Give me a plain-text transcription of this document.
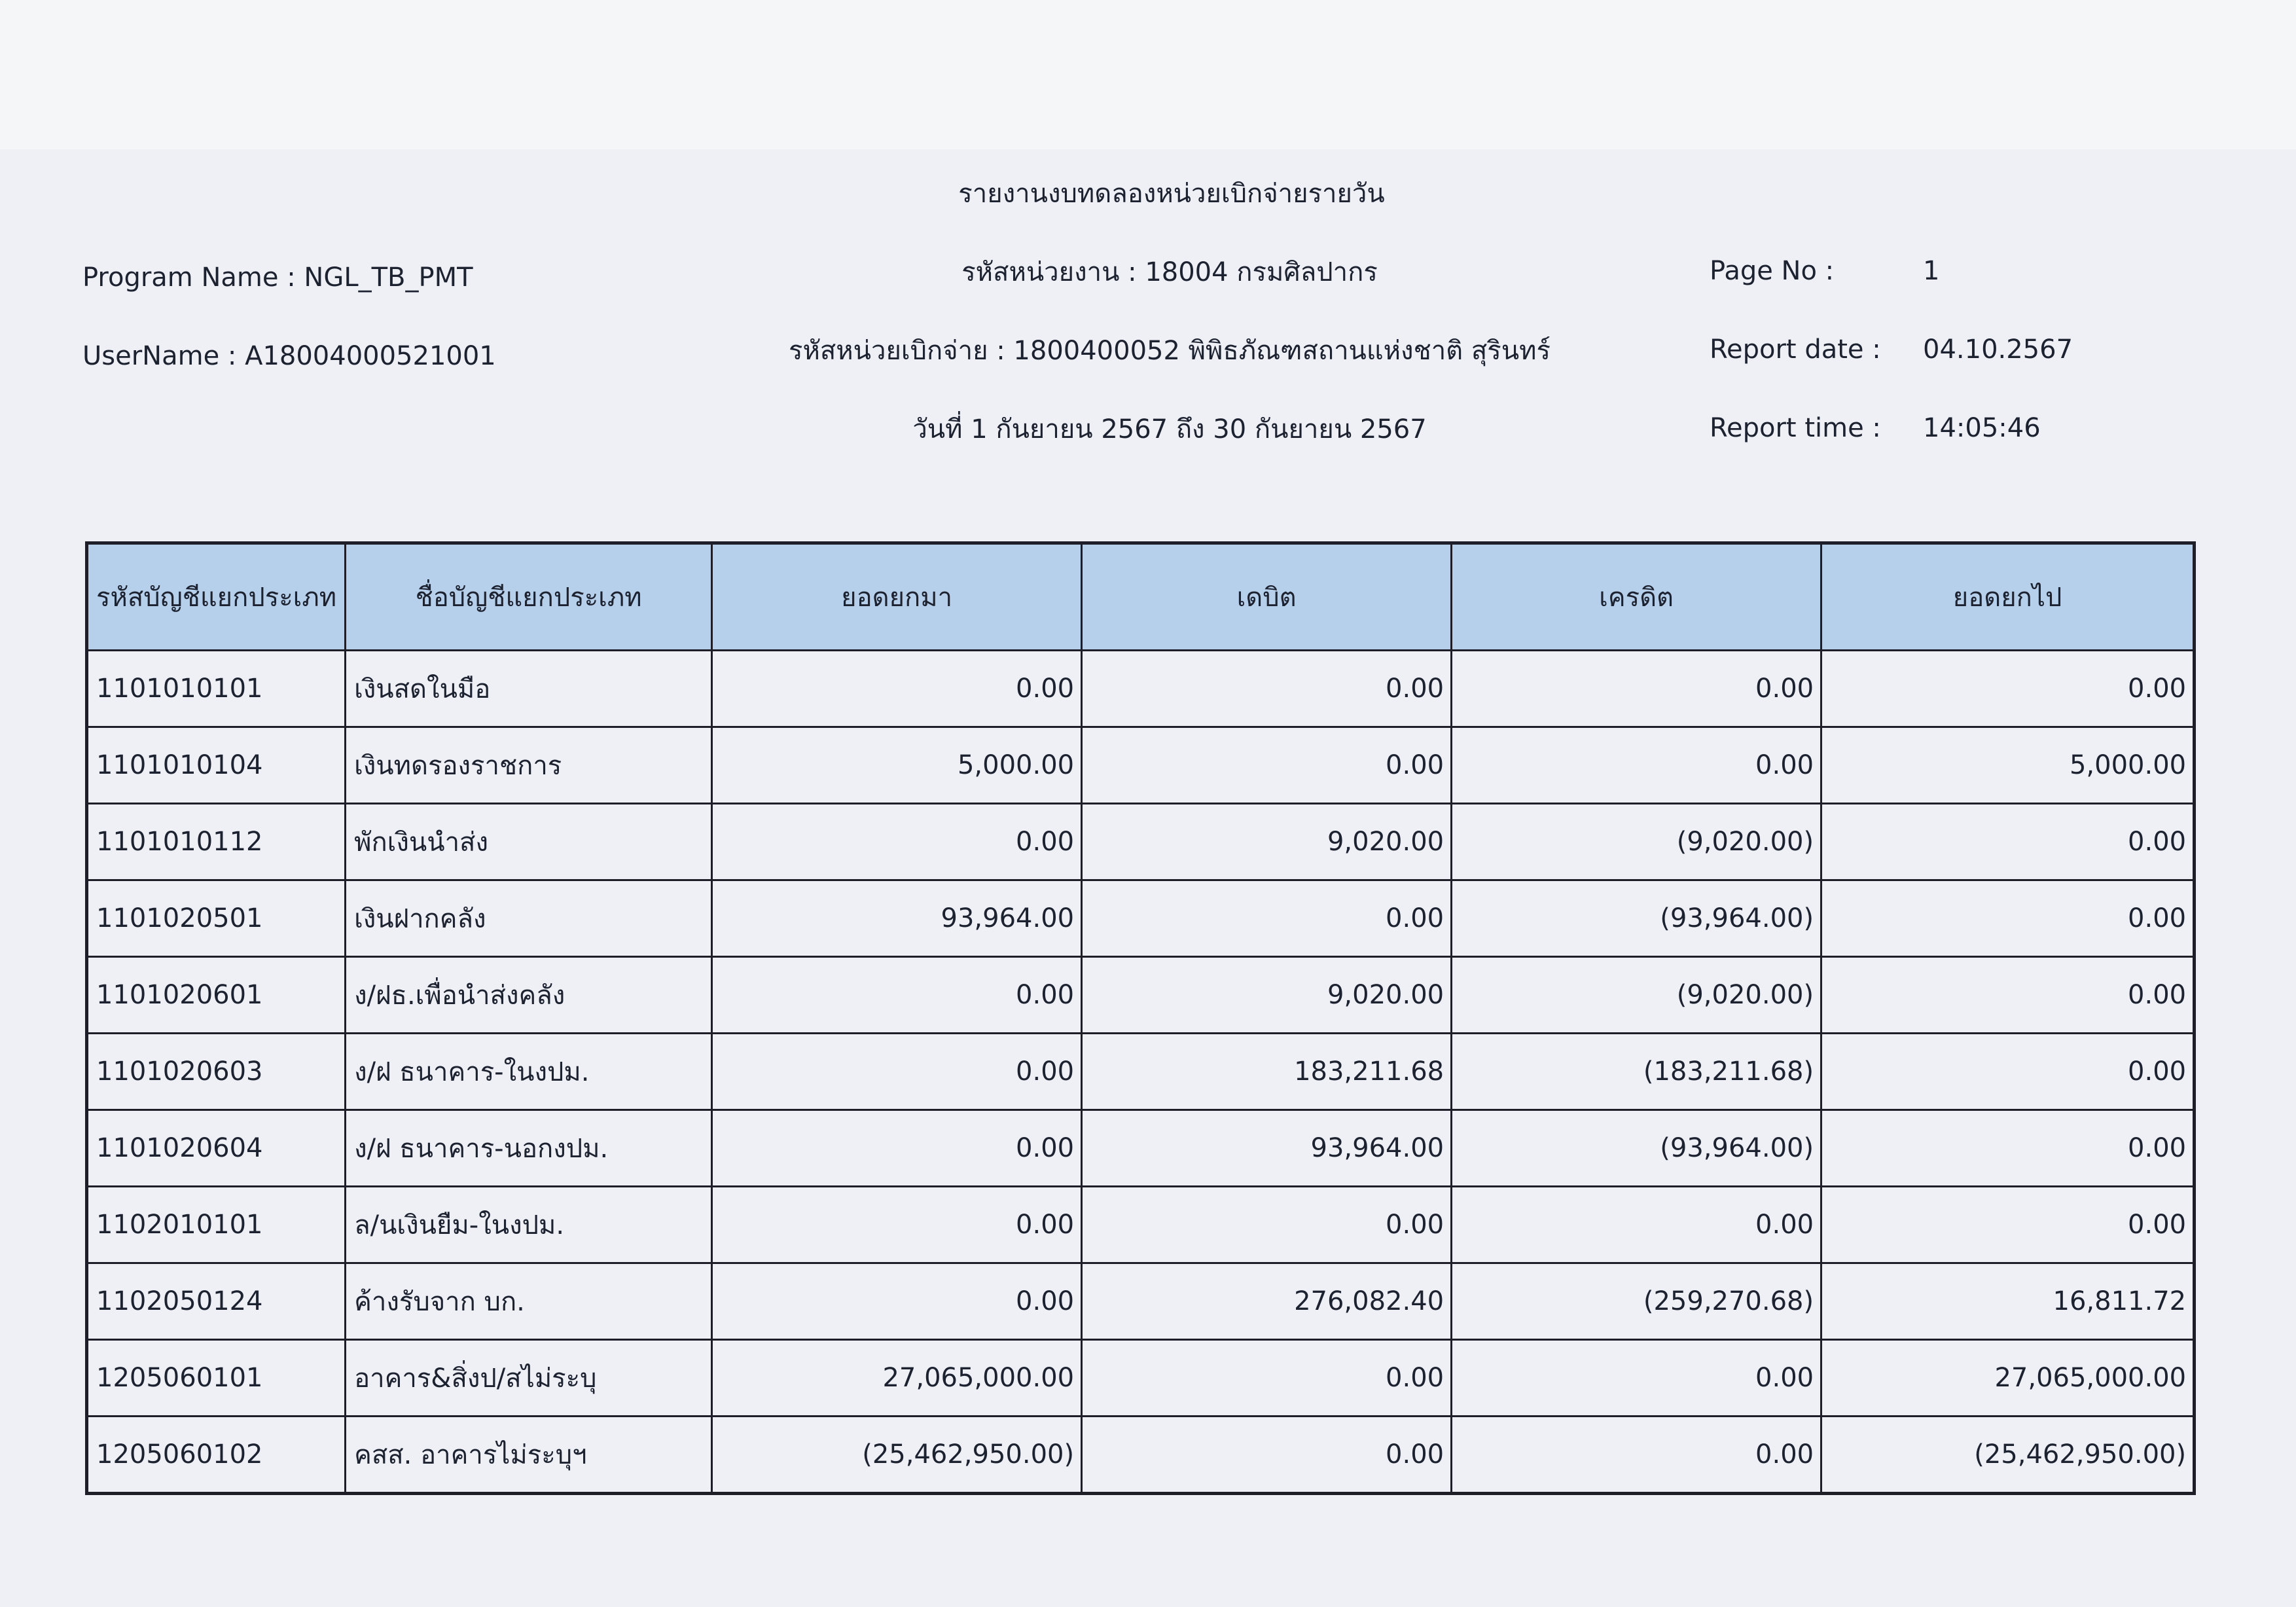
รายงานงบทดลองหน่วยเบิกจ่ายรายวัน
Program Name : NGL_TB_PMT
UserName : A18004000521001
รหัสหน่วยงาน : 18004 กรมศิลปากร
รหัสหน่วยเบิกจ่าย : 1800400052 พิพิธภัณฑสถานแห่งชาติ สุรินทร์
วันที่ 1 กันยายน 2567 ถึง 30 กันยายน 2567
Page No :	1
Report date : 04.10.2567
Report time : 14:05:46
รหัสบัญชีแยกประเภท	ชื่อบัญชีแยกประเภท	ยอดยกมา	เดบิต	เครดิต	ยอดยกไป
1101010101	เงินสดในมือ	0.00	0.00	0.00	0.00
1101010104	เงินทดรองราชการ	5,000.00	0.00	0.00	5,000.00
1101010112	พักเงินนำส่ง	0.00	9,020.00	(9,020.00)	0.00
1101020501	เงินฝากคลัง	93,964.00	0.00	(93,964.00)	0.00
1101020601	ง/ฝธ.เพื่อนำส่งคลัง	0.00	9,020.00	(9,020.00)	0.00
1101020603	ง/ฝ ธนาคาร-ในงปม.	0.00	183,211.68	(183,211.68)	0.00
1101020604	ง/ฝ ธนาคาร-นอกงปม.	0.00	93,964.00	(93,964.00)	0.00
1102010101	ล/นเงินยืม-ในงปม.	0.00	0.00	0.00	0.00
1102050124	ค้างรับจาก บก.	0.00	276,082.40	(259,270.68)	16,811.72
1205060101	อาคาร&สิ่งป/สไม่ระบุ	27,065,000.00	0.00	0.00	27,065,000.00
1205060102	คสส. อาคารไม่ระบุฯ	(25,462,950.00)	0.00	0.00	(25,462,950.00)
